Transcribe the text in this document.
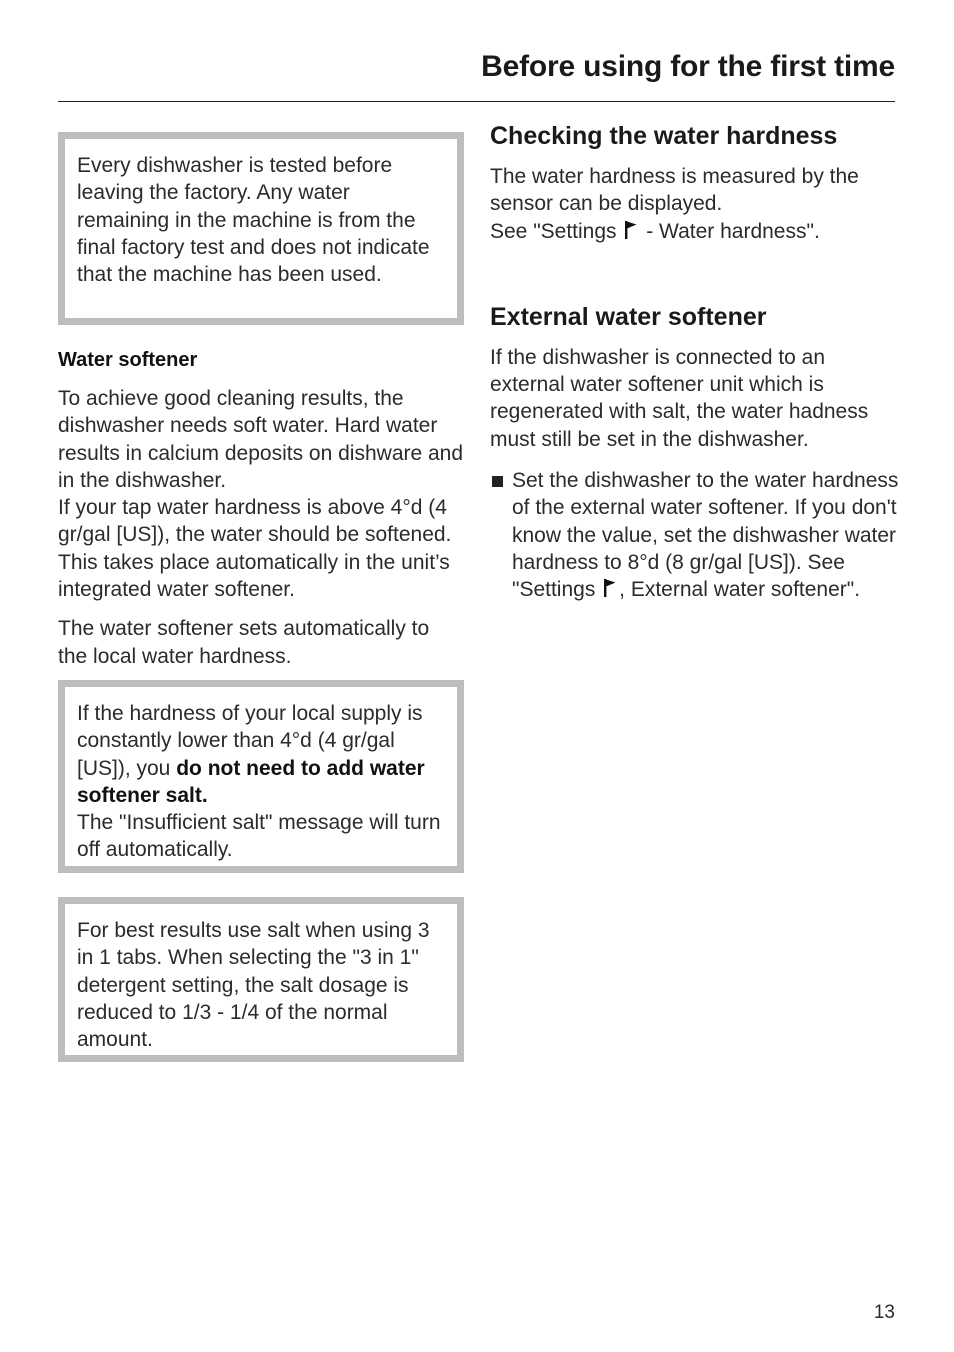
Before using for the first time

Every dishwasher is tested before leaving the factory. Any water remaining in the machine is from the final factory test and does not indicate that the machine has been used.

Water softener

To achieve good cleaning results, the dishwasher needs soft water. Hard water results in calcium deposits on dishware and in the dishwasher.
If your tap water hardness is above 4°d (4 gr/gal [US]), the water should be softened. This takes place automatically in the unit’s integrated water softener.

The water softener sets automatically to the local water hardness.

If the hardness of your local supply is constantly lower than 4°d (4 gr/gal [US]), you do not need to add water softener salt.
The "Insufficient salt" message will turn off automatically.

For best results use salt when using 3 in 1 tabs. When selecting the "3 in 1" detergent setting, the salt dosage is reduced to 1/3 - 1/4 of the normal amount.

Checking the water hardness

The water hardness is measured by the sensor can be displayed.
See "Settings  - Water hardness".

External water softener

If the dishwasher is connected to an external water softener unit which is regenerated with salt, the water hadness must still be set in the dishwasher.

Set the dishwasher to the water hardness of the external water softener. If you don't know the value, set the dishwasher water hardness to 8°d (8 gr/gal [US]). See "Settings , External water softener".
13
